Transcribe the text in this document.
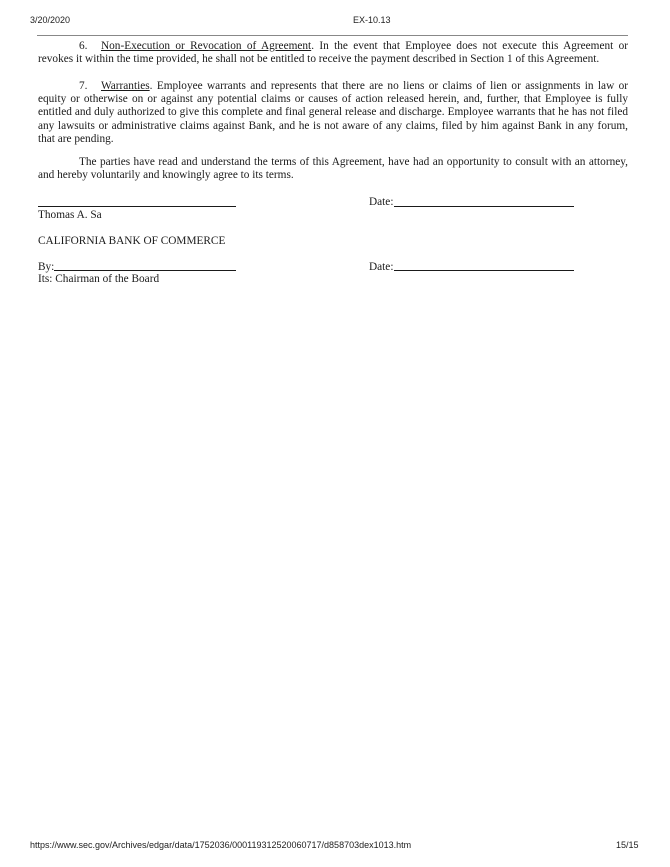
3/20/2020	EX-10.13

6. Non-Execution or Revocation of Agreement. In the event that Employee does not execute this Agreement or revokes it within the time provided, he shall not be entitled to receive the payment described in Section 1 of this Agreement.

7. Warranties. Employee warrants and represents that there are no liens or claims of lien or assignments in law or equity or otherwise on or against any potential claims or causes of action released herein, and, further, that Employee is fully entitled and duly authorized to give this complete and final general release and discharge. Employee warrants that he has not filed any lawsuits or administrative claims against Bank, and he is not aware of any claims, filed by him against Bank in any forum, that are pending.

The parties have read and understand the terms of this Agreement, have had an opportunity to consult with an attorney, and hereby voluntarily and knowingly agree to its terms.

Thomas A. Sa
Date:
CALIFORNIA BANK OF COMMERCE
By:
Its: Chairman of the Board
Date:
https://www.sec.gov/Archives/edgar/data/1752036/000119312520060717/d858703dex1013.htm	15/15
